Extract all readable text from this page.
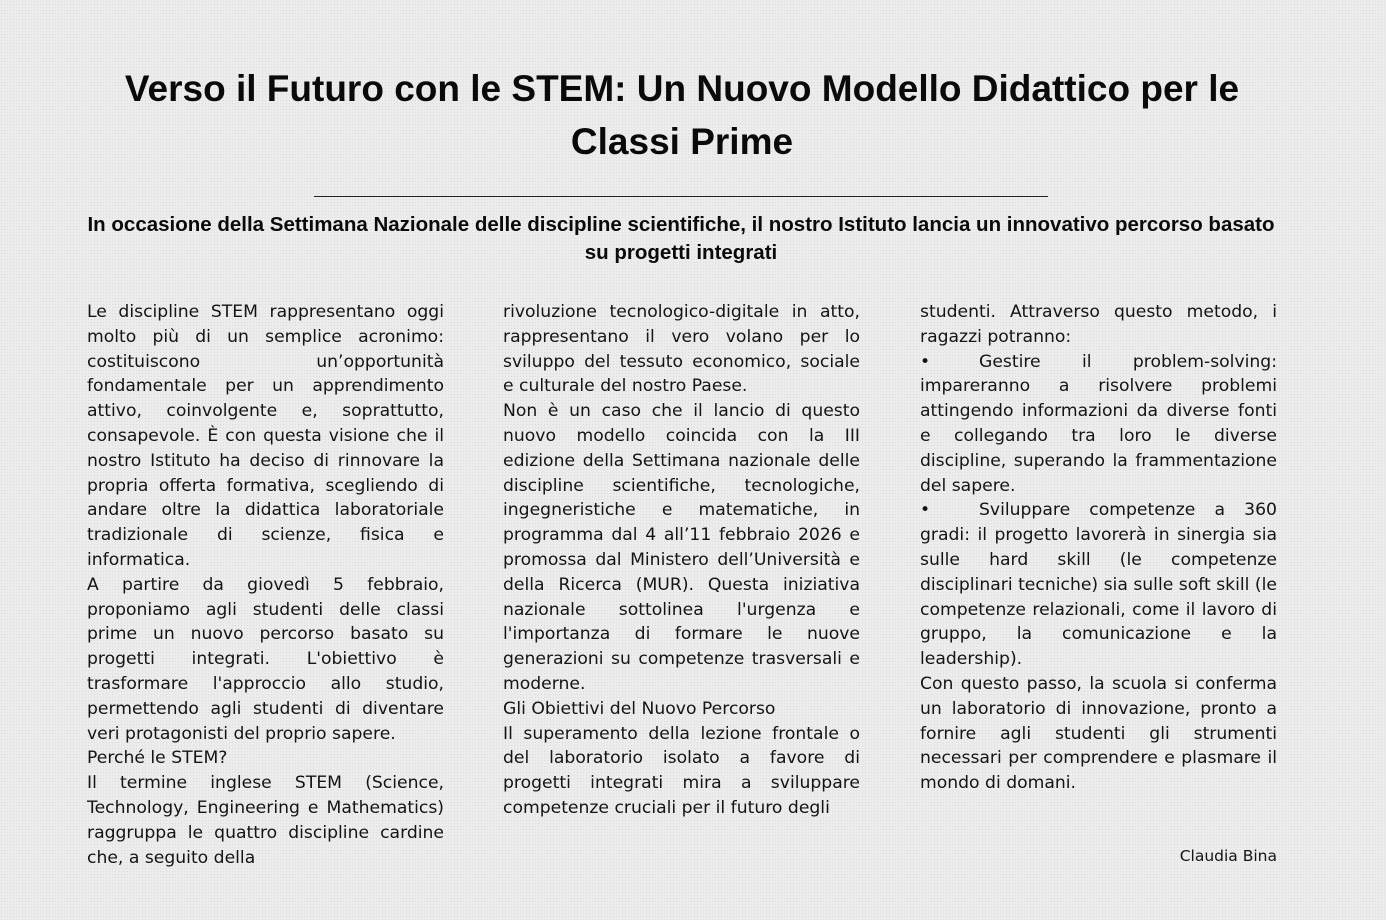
Verso il Futuro con le STEM: Un Nuovo Modello Didattico per le Classi Prime
In occasione della Settimana Nazionale delle discipline scientifiche, il nostro Istituto lancia un innovativo percorso basato su progetti integrati

Le discipline STEM rappresentano oggi molto più di un semplice acronimo: costituiscono un’opportunità fondamentale per un apprendimento attivo, coinvolgente e, soprattutto, consapevole. È con questa visione che il nostro Istituto ha deciso di rinnovare la propria offerta formativa, scegliendo di andare oltre la didattica laboratoriale tradizionale di scienze, fisica e informatica.

A partire da giovedì 5 febbraio, proponiamo agli studenti delle classi prime un nuovo percorso basato su progetti integrati. L'obiettivo è trasformare l'approccio allo studio, permettendo agli studenti di diventare veri protagonisti del proprio sapere.

Perché le STEM?

Il termine inglese STEM (Science, Technology, Engineering e Mathematics) raggruppa le quattro discipline cardine che, a seguito della

rivoluzione tecnologico-digitale in atto, rappresentano il vero volano per lo sviluppo del tessuto economico, sociale e culturale del nostro Paese.

Non è un caso che il lancio di questo nuovo modello coincida con la III edizione della Settimana nazionale delle discipline scientifiche, tecnologiche, ingegneristiche e matematiche, in programma dal 4 all’11 febbraio 2026 e promossa dal Ministero dell’Università e della Ricerca (MUR). Questa iniziativa nazionale sottolinea l'urgenza e l'importanza di formare le nuove generazioni su competenze trasversali e moderne.

Gli Obiettivi del Nuovo Percorso

Il superamento della lezione frontale o del laboratorio isolato a favore di progetti integrati mira a sviluppare competenze cruciali per il futuro degli

studenti. Attraverso questo metodo, i ragazzi potranno:

•	Gestire il problem-solving: impareranno a risolvere problemi attingendo informazioni da diverse fonti e collegando tra loro le diverse discipline, superando la frammentazione del sapere.

•	Sviluppare competenze a 360 gradi: il progetto lavorerà in sinergia sia sulle hard skill (le competenze disciplinari tecniche) sia sulle soft skill (le competenze relazionali, come il lavoro di gruppo, la comunicazione e la leadership).

Con questo passo, la scuola si conferma un laboratorio di innovazione, pronto a fornire agli studenti gli strumenti necessari per comprendere e plasmare il mondo di domani.

Claudia Bina
